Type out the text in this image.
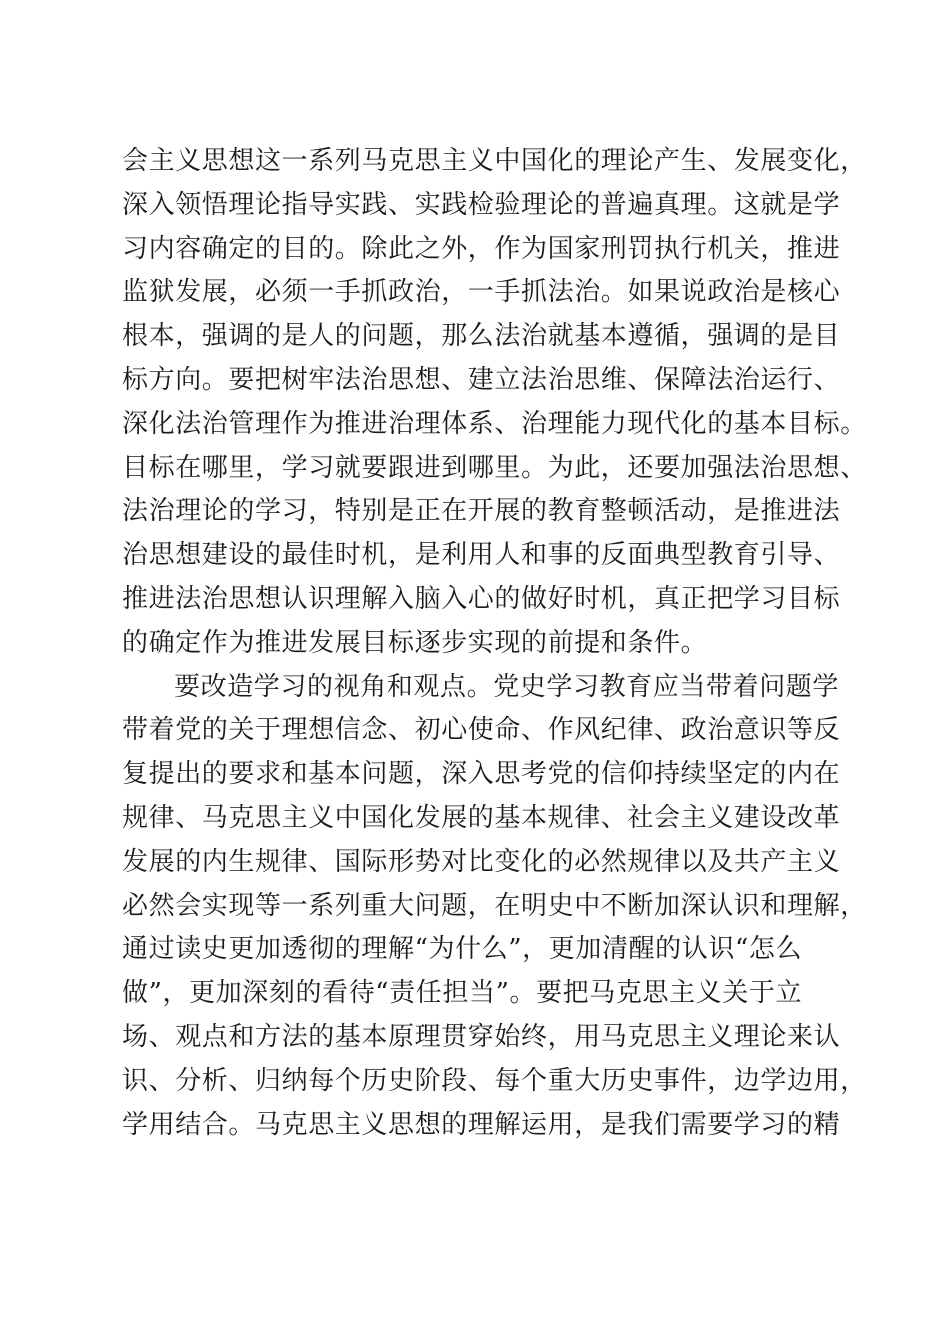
会主义思想这一系列马克思主义中国化的理论产生、发展变化，
深入领悟理论指导实践、实践检验理论的普遍真理。这就是学
习内容确定的目的。除此之外，作为国家刑罚执行机关，推进
监狱发展，必须一手抓政治，一手抓法治。如果说政治是核心
根本，强调的是人的问题，那么法治就基本遵循，强调的是目
标方向。要把树牢法治思想、建立法治思维、保障法治运行、
深化法治管理作为推进治理体系、治理能力现代化的基本目标。
目标在哪里，学习就要跟进到哪里。为此，还要加强法治思想、
法治理论的学习，特别是正在开展的教育整顿活动，是推进法
治思想建设的最佳时机，是利用人和事的反面典型教育引导、
推进法治思想认识理解入脑入心的做好时机，真正把学习目标
的确定作为推进发展目标逐步实现的前提和条件。
要改造学习的视角和观点。党史学习教育应当带着问题学
带着党的关于理想信念、初心使命、作风纪律、政治意识等反
复提出的要求和基本问题，深入思考党的信仰持续坚定的内在
规律、马克思主义中国化发展的基本规律、社会主义建设改革
发展的内生规律、国际形势对比变化的必然规律以及共产主义
必然会实现等一系列重大问题，在明史中不断加深认识和理解，
通过读史更加透彻的理解“为什么”，更加清醒的认识“怎么
做”，更加深刻的看待“责任担当”。要把马克思主义关于立
场、观点和方法的基本原理贯穿始终，用马克思主义理论来认
识、分析、归纳每个历史阶段、每个重大历史事件，边学边用，
学用结合。马克思主义思想的理解运用，是我们需要学习的精
